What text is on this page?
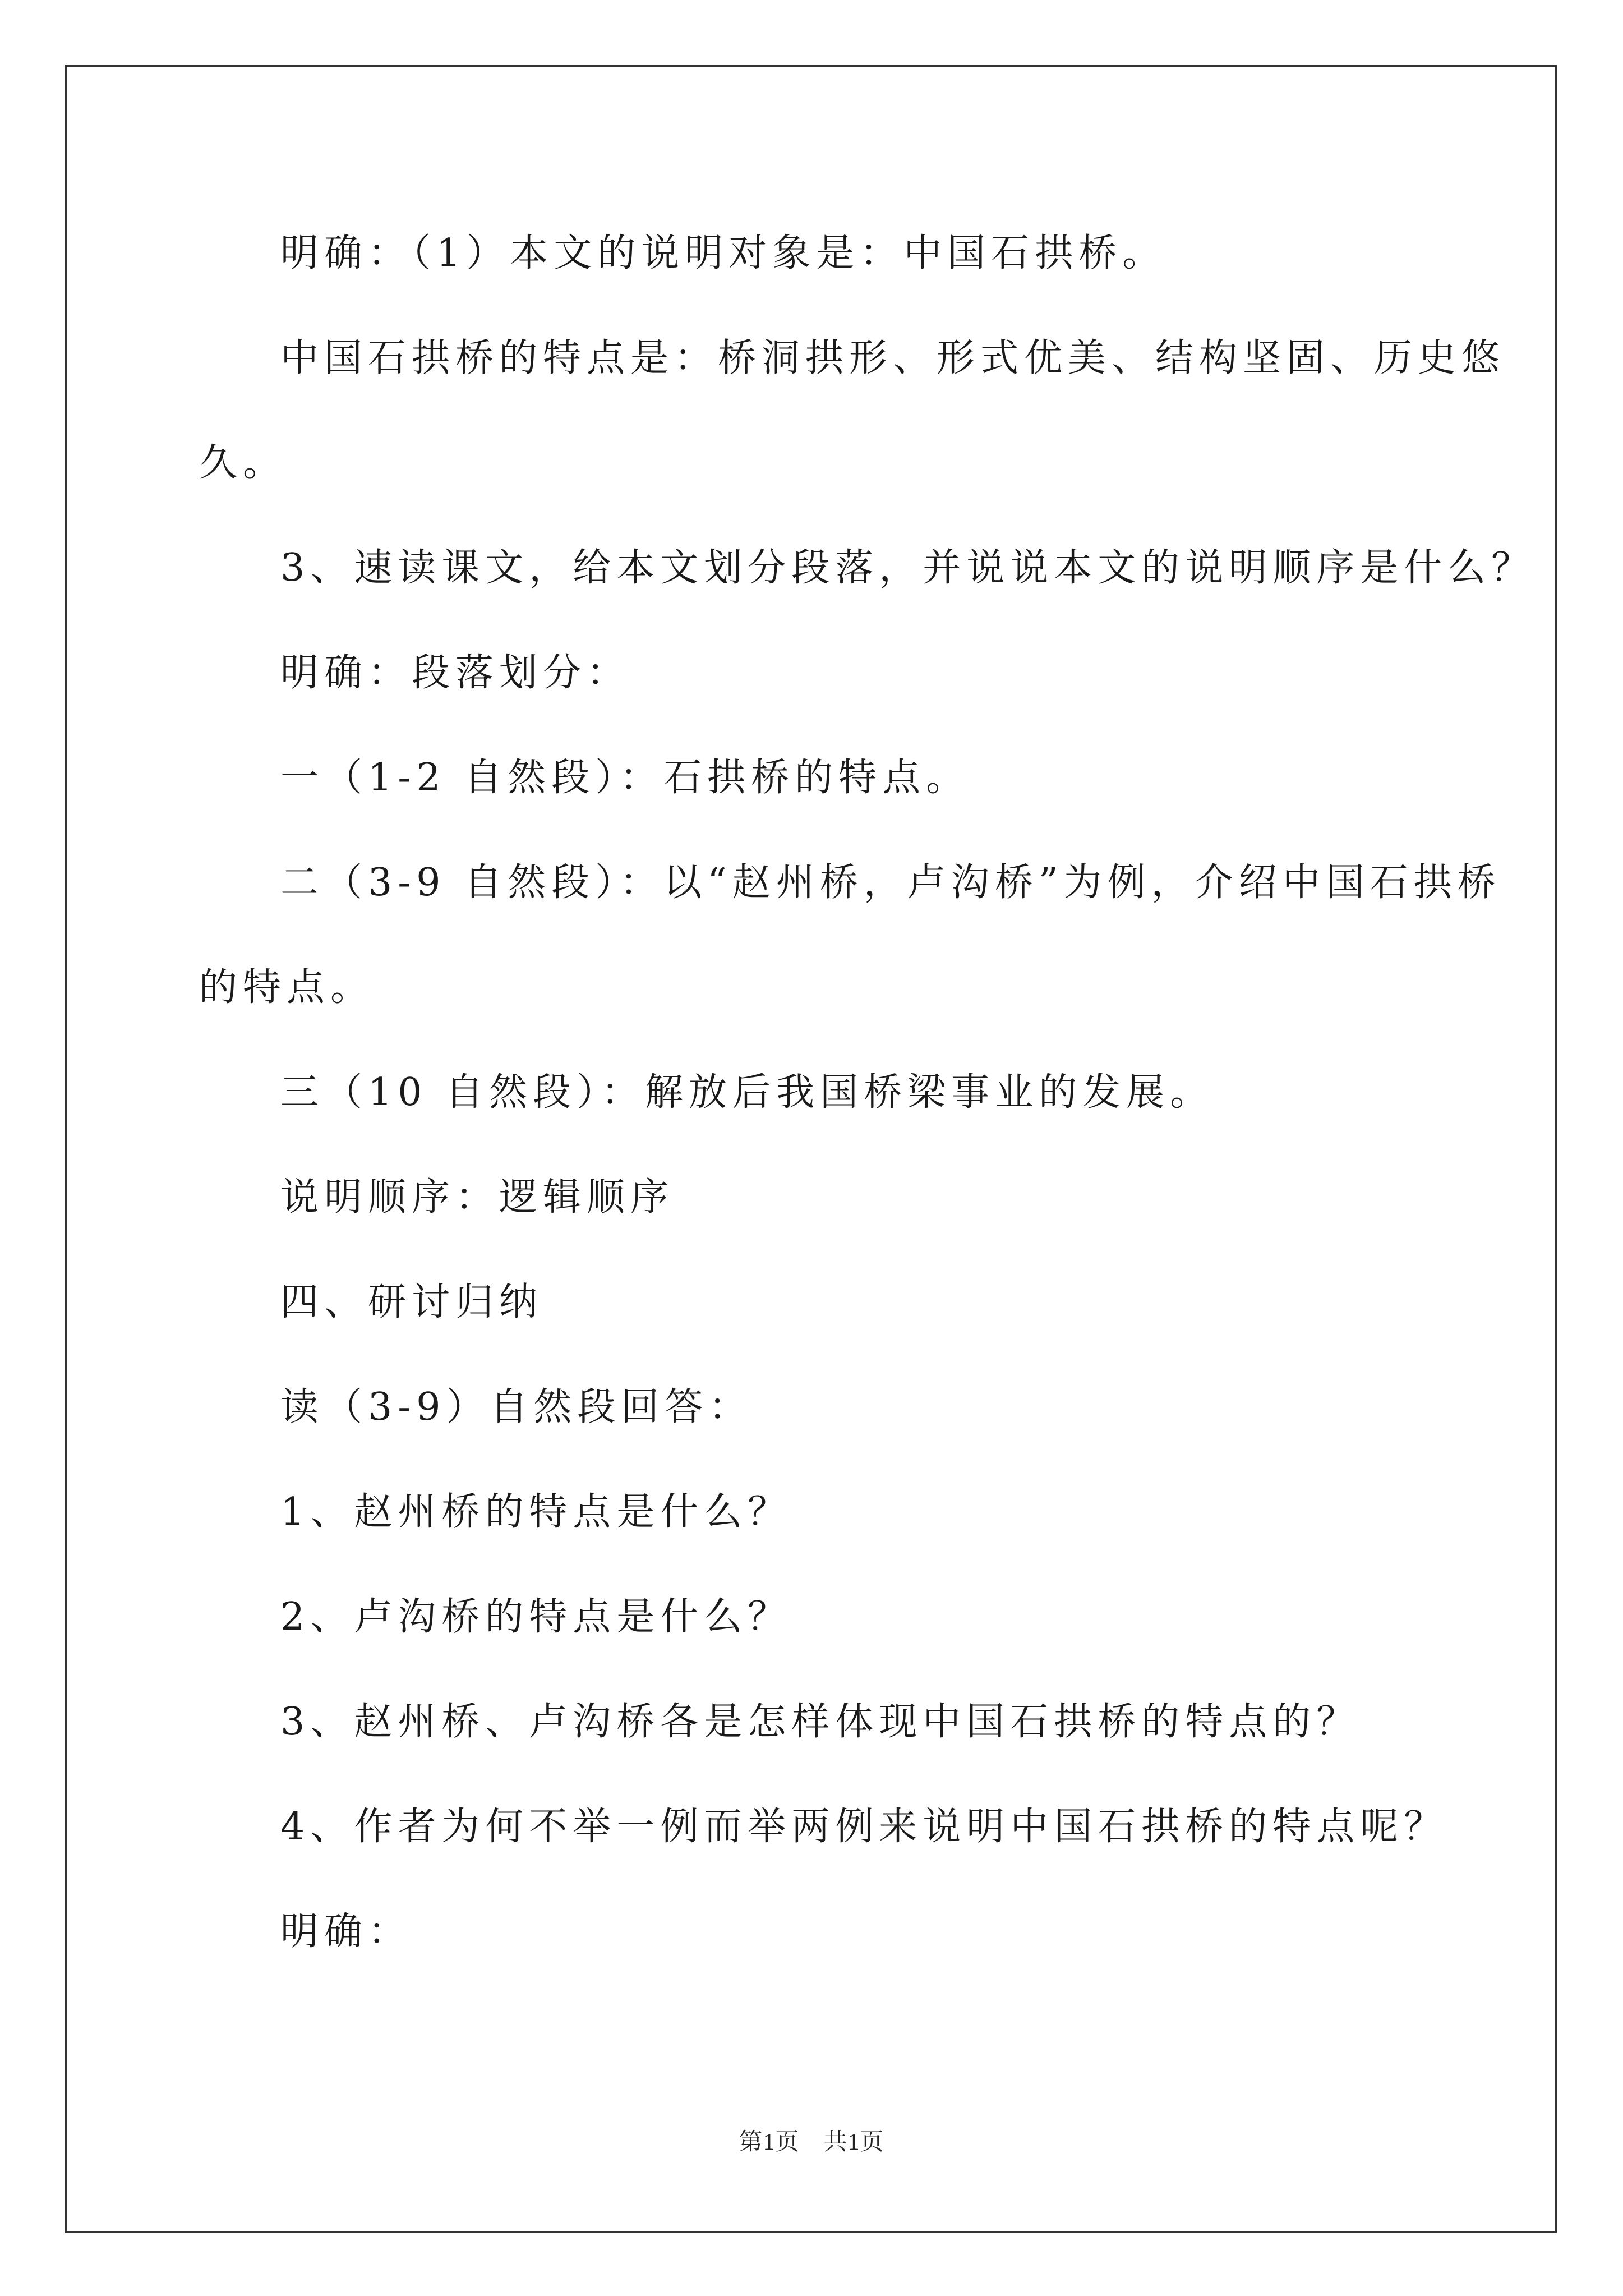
明确：（1）本文的说明对象是：中国石拱桥。
中国石拱桥的特点是：桥洞拱形、形式优美、结构坚固、历史悠
久。
3、速读课文，给本文划分段落，并说说本文的说明顺序是什么？
明确：段落划分：
一（1-2 自然段）：石拱桥的特点。
二（3-9 自然段）：以“赵州桥，卢沟桥”为例，介绍中国石拱桥
的特点。
三（10 自然段）：解放后我国桥梁事业的发展。
说明顺序：逻辑顺序
四、研讨归纳
读（3-9）自然段回答：
1、赵州桥的特点是什么？
2、卢沟桥的特点是什么？
3、赵州桥、卢沟桥各是怎样体现中国石拱桥的特点的？
4、作者为何不举一例而举两例来说明中国石拱桥的特点呢？
明确：
第1页　共1页
